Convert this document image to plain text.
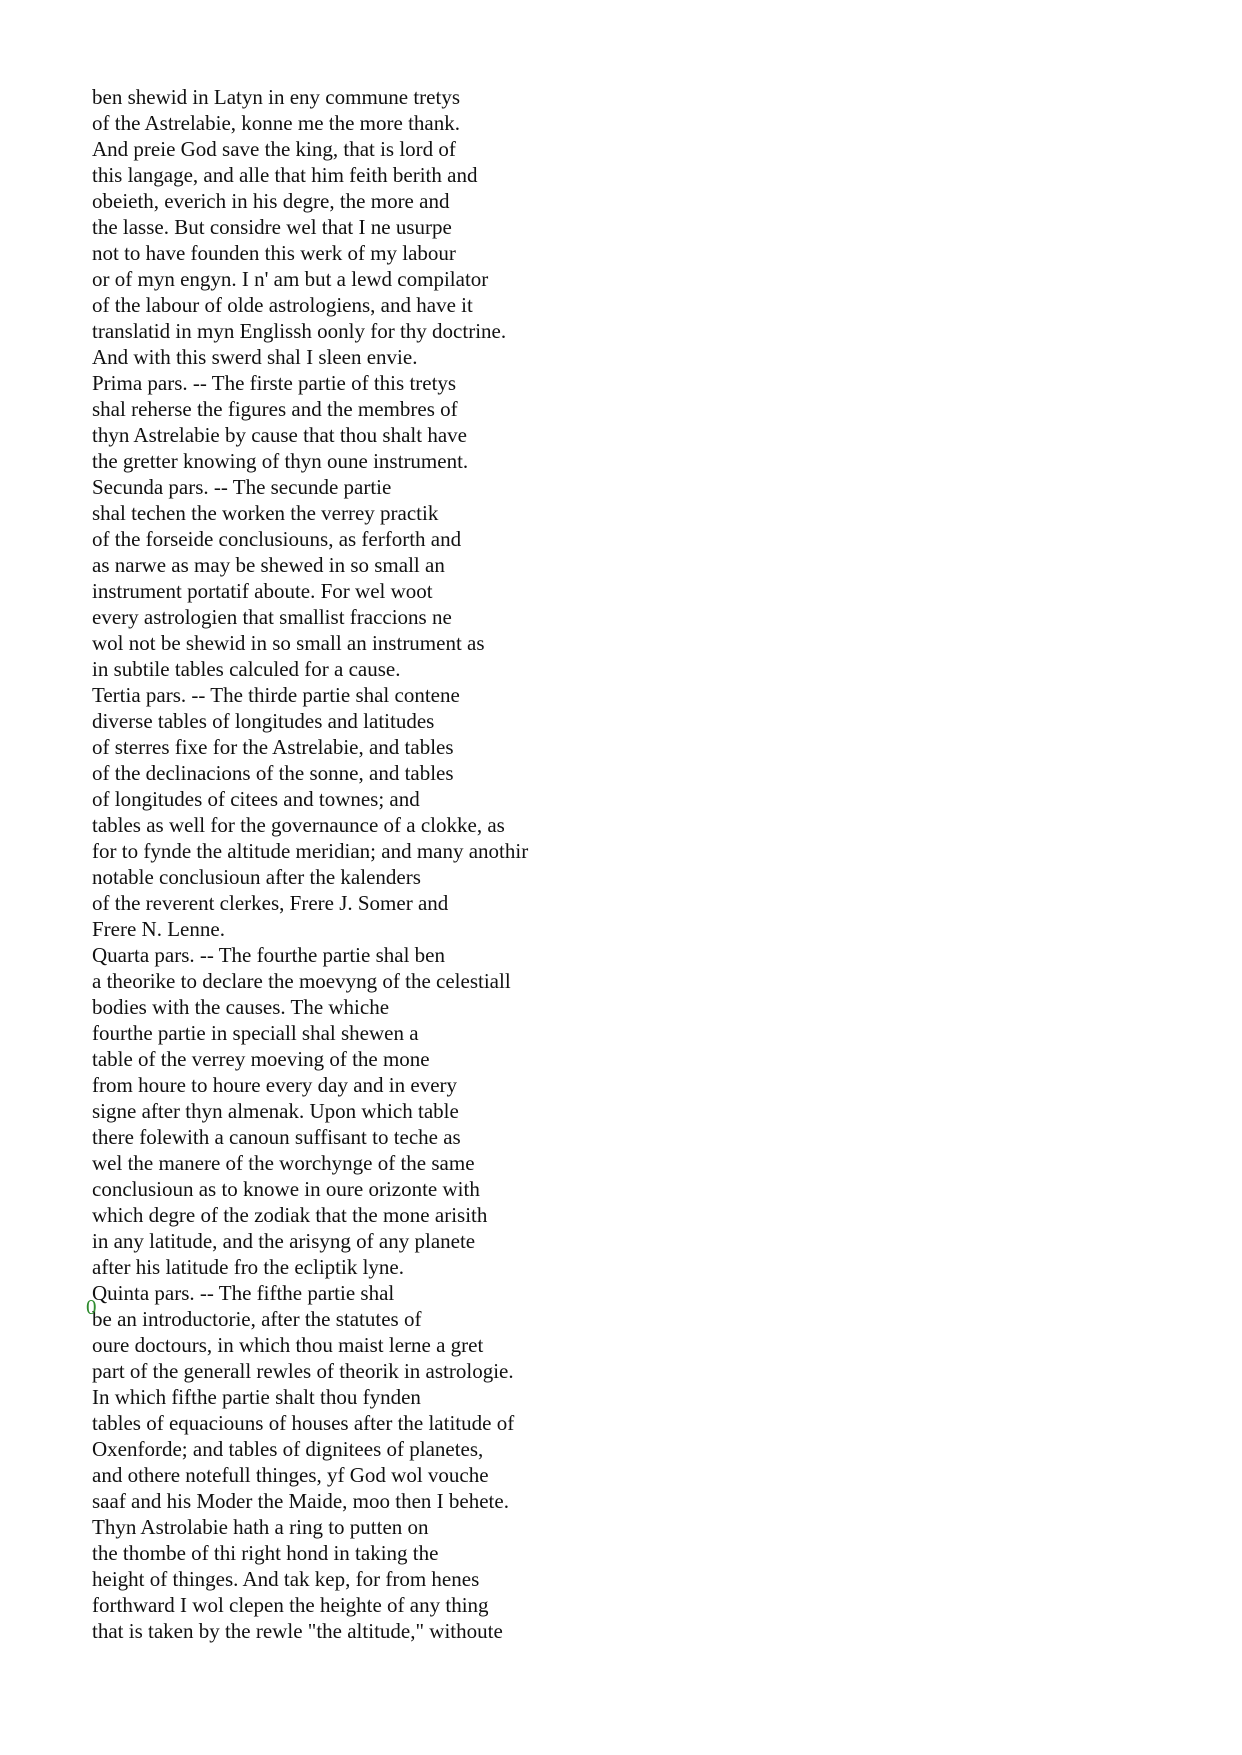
ben shewid in Latyn in eny commune tretys
of the Astrelabie, konne me the more thank.
And preie God save the king, that is lord of
this langage, and alle that him feith berith and
obeieth, everich in his degre, the more and
the lasse. But considre wel that I ne usurpe
not to have founden this werk of my labour
or of myn engyn. I n' am but a lewd compilator
of the labour of olde astrologiens, and have it
translatid in myn Englissh oonly for thy doctrine.
And with this swerd shal I sleen envie.
Prima pars. -- The firste partie of this tretys
shal reherse the figures and the membres of
thyn Astrelabie by cause that thou shalt have
the gretter knowing of thyn oune instrument.
Secunda pars. -- The secunde partie
shal techen the worken the verrey practik
of the forseide conclusiouns, as ferforth and
as narwe as may be shewed in so small an
instrument portatif aboute. For wel woot
every astrologien that smallist fraccions ne
wol not be shewid in so small an instrument as
in subtile tables calculed for a cause.
Tertia pars. -- The thirde partie shal contene
diverse tables of longitudes and latitudes
of sterres fixe for the Astrelabie, and tables
of the declinacions of the sonne, and tables
of longitudes of citees and townes; and
tables as well for the governaunce of a clokke, as
for to fynde the altitude meridian; and many anothir
notable conclusioun after the kalenders
of the reverent clerkes, Frere J. Somer and
Frere N. Lenne.
Quarta pars. -- The fourthe partie shal ben
a theorike to declare the moevyng of the celestiall
bodies with the causes. The whiche
fourthe partie in speciall shal shewen a
table of the verrey moeving of the mone
from houre to houre every day and in every
signe after thyn almenak. Upon which table
there folewith a canoun suffisant to teche as
wel the manere of the worchynge of the same
conclusioun as to knowe in oure orizonte with
which degre of the zodiak that the mone arisith
in any latitude, and the arisyng of any planete
after his latitude fro the ecliptik lyne.
Quinta pars. -- The fifthe partie shal
be an introductorie, after the statutes of
oure doctours, in which thou maist lerne a gret
part of the generall rewles of theorik in astrologie.
In which fifthe partie shalt thou fynden
tables of equaciouns of houses after the latitude of
Oxenforde; and tables of dignitees of planetes,
and othere notefull thinges, yf God wol vouche
saaf and his Moder the Maide, moo then I behete.
Thyn Astrolabie hath a ring to putten on
the thombe of thi right hond in taking the
height of thinges. And tak kep, for from henes
forthward I wol clepen the heighte of any thing
that is taken by the rewle "the altitude," withoute
0
